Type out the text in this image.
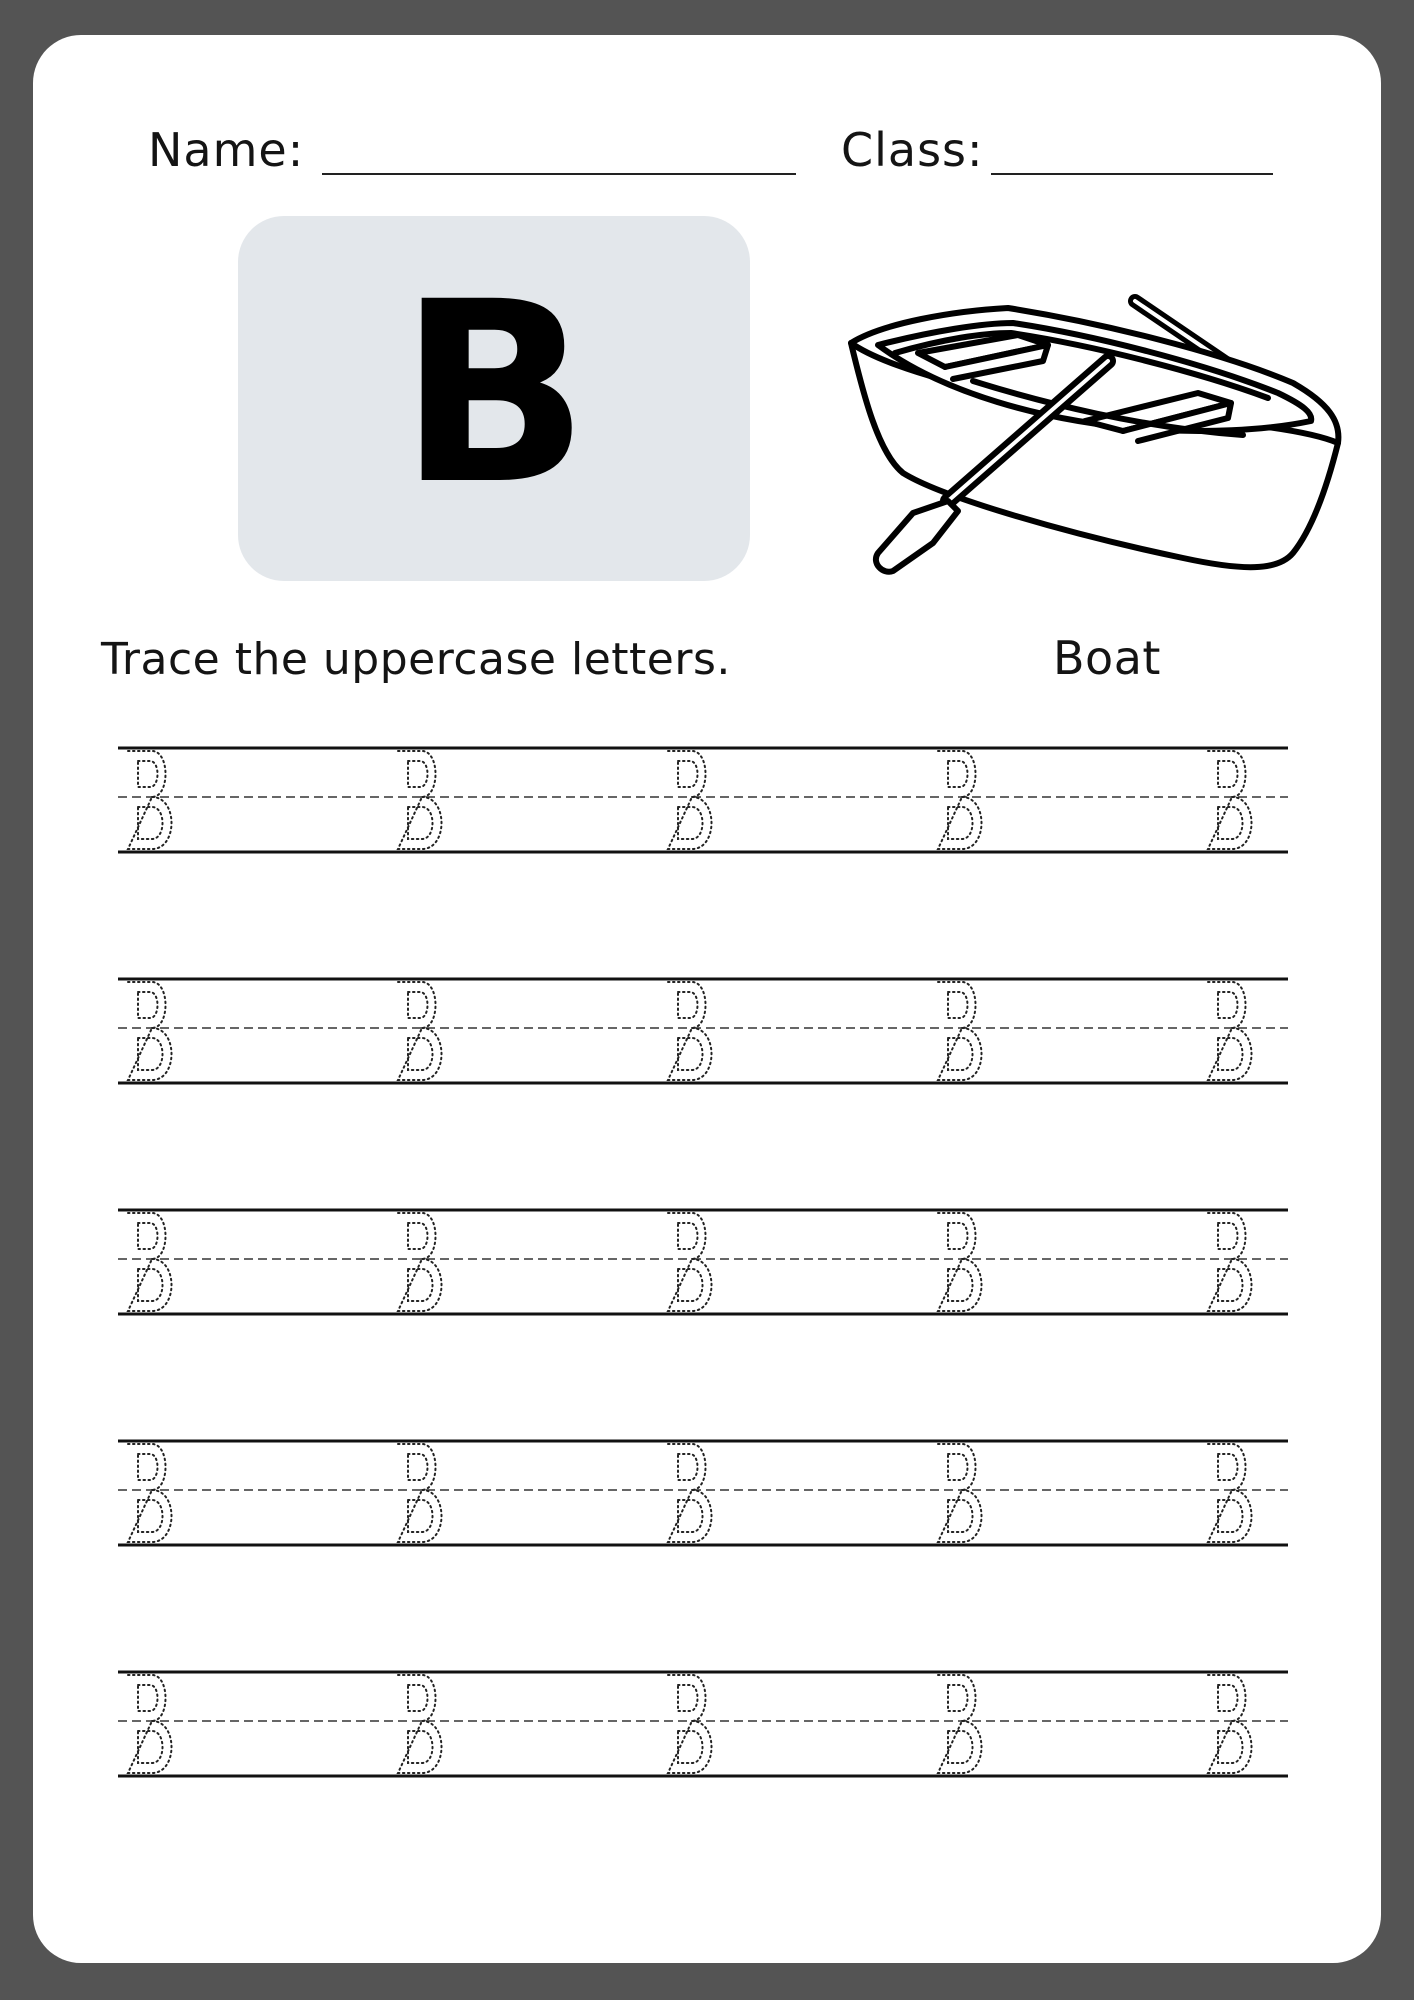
Name:	Class:
B
Trace the uppercase letters.	Boat
